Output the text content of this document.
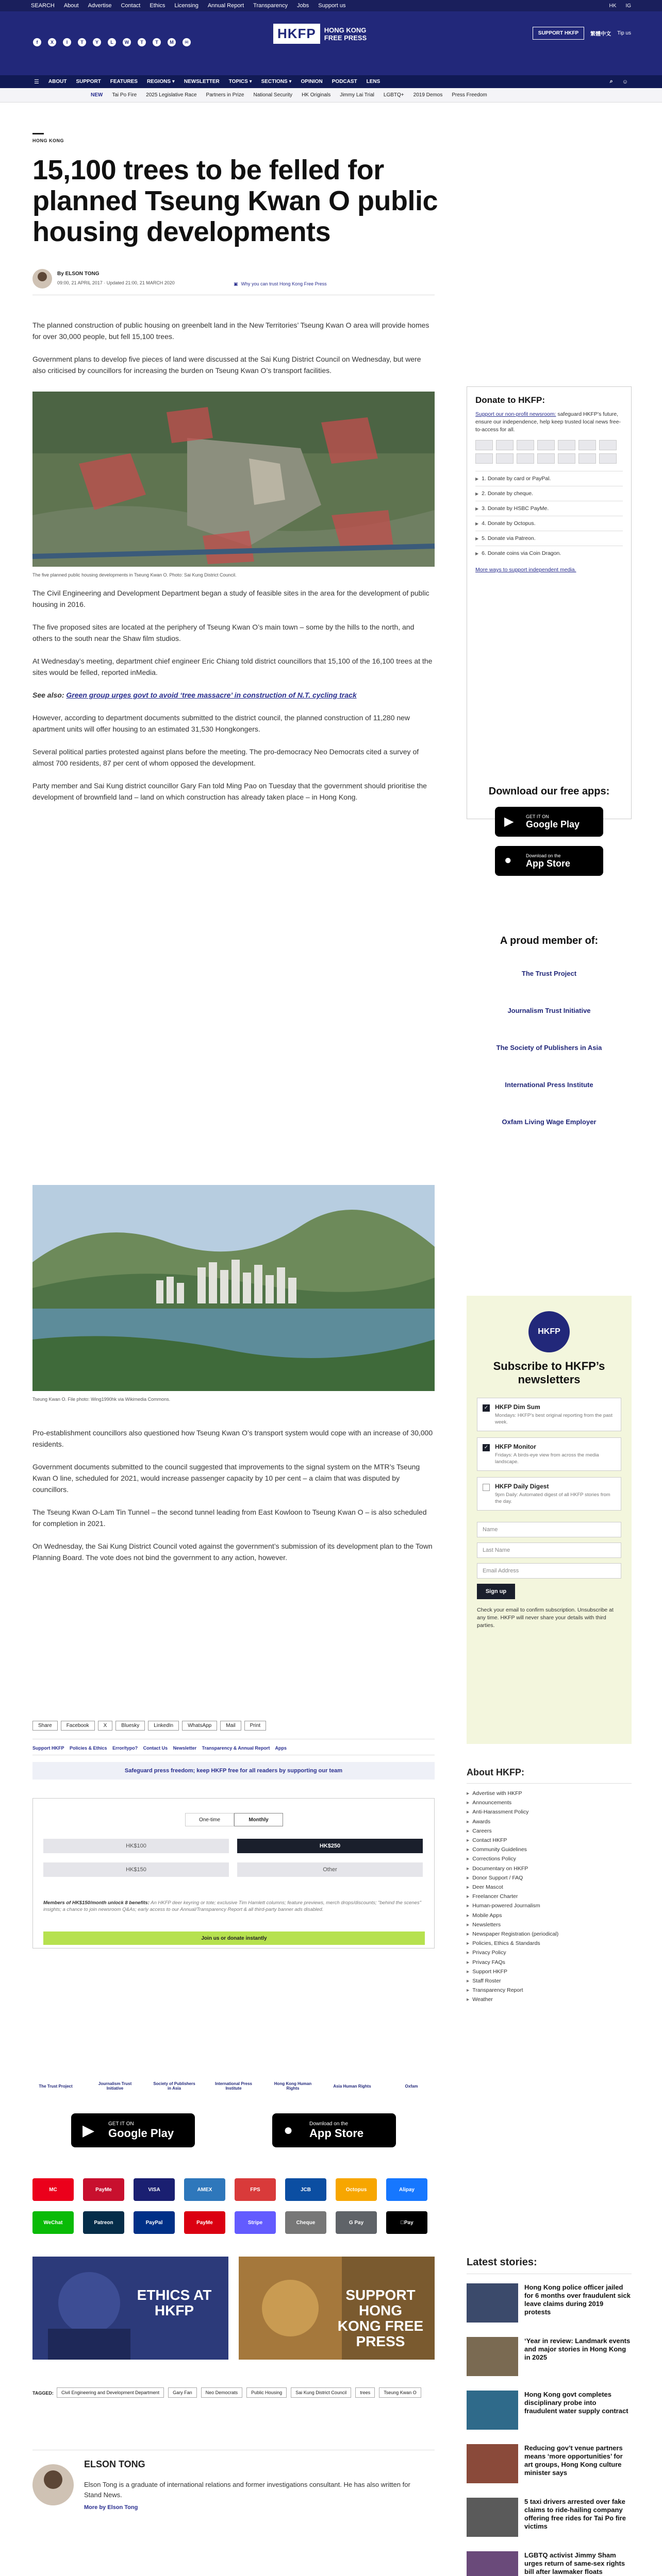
SEARCH About Advertise Contact Ethics Licensing Annual Report Transparency Jobs Support us	HK IG
f	X	I	T	Y	L	W	T	T	M	✉
HKFP	HONG KONG
FREE PRESS
SUPPORT HKFP	繁體中文 Tip us
☰ ABOUT SUPPORT FEATURES REGIONS ▾ NEWSLETTER TOPICS ▾ SECTIONS ▾ OPINION PODCAST LENS	⌕ ☺
NEW Tai Po Fire 2025 Legislative Race Partners in Prize National Security HK Originals Jimmy Lai Trial LGBTQ+ 2019 Demos Press Freedom
HONG KONG
15,100 trees to be felled for planned Tseung Kwan O public housing developments
By ELSON TONG
09:00, 21 APRIL 2017 · Updated 21:00, 21 MARCH 2020
▣	Why you can trust Hong Kong Free Press

The planned construction of public housing on greenbelt land in the New Territories’ Tseung Kwan O area will provide homes for over 30,000 people, but fell 15,100 trees.

Government plans to develop five pieces of land were discussed at the Sai Kung District Council on Wednesday, but were also criticised by councillors for increasing the burden on Tseung Kwan O’s transport facilities.

The five planned public housing developments in Tseung Kwan O. Photo: Sai Kung District Council.

The Civil Engineering and Development Department began a study of feasible sites in the area for the development of public housing in 2016.

The five proposed sites are located at the periphery of Tseung Kwan O’s main town – some by the hills to the north, and others to the south near the Shaw film studios.

At Wednesday’s meeting, department chief engineer Eric Chiang told district councillors that 15,100 of the 16,100 trees at the sites would be felled, reported inMedia.

See also: Green group urges govt to avoid ‘tree massacre’ in construction of N.T. cycling track

However, according to department documents submitted to the district council, the planned construction of 11,280 new apartment units will offer housing to an estimated 31,530 Hongkongers.

Several political parties protested against plans before the meeting. The pro-democracy Neo Democrats cited a survey of almost 700 residents, 87 per cent of whom opposed the development.

Party member and Sai Kung district councillor Gary Fan told Ming Pao on Tuesday that the government should prioritise the development of brownfield land – land on which construction has already taken place – in Hong Kong.

Tseung Kwan O. File photo: Wing1990hk via Wikimedia Commons.

Pro-establishment councillors also questioned how Tseung Kwan O’s transport system would cope with an increase of 30,000 residents.

Government documents submitted to the council suggested that improvements to the signal system on the MTR’s Tseung Kwan O line, scheduled for 2021, would increase passenger capacity by 10 per cent – a claim that was disputed by councillors.

The Tseung Kwan O-Lam Tin Tunnel – the second tunnel leading from East Kowloon to Tseung Kwan O – is also scheduled for completion in 2021.

On Wednesday, the Sai Kung District Council voted against the government’s submission of its development plan to the Town Planning Board. The vote does not bind the government to any action, however.

Share	Facebook	X	Bluesky	LinkedIn	WhatsApp	Mail	Print
Support HKFP Policies & Ethics Error/typo? Contact Us Newsletter Transparency & Annual Report Apps
Safeguard press freedom; keep HKFP free for all readers by supporting our team
One-time	Monthly
HK$100	HK$250
HK$150	Other
Members of HK$150/month unlock 8 benefits: An HKFP deer keyring or tote; exclusive Tim Hamlett columns; feature previews, merch drops/discounts; "behind the scenes" insights; a chance to join newsroom Q&As; early access to our Annual/Transparency Report & all third-party banner ads disabled.
Join us or donate instantly
The Trust Project	Journalism Trust Initiative
Society of Publishers in Asia
International Press Institute
Hong Kong Human Rights	Asia Human Rights	Oxfam
▶	GET IT ON
Google Play	●	Download on the
App Store
MC	PayMe	VISA	AMEX	FPS	JCB	Octopus	Alipay
WeChat	Patreon	PayPal	PayMe	Stripe	Cheque	G Pay	Pay
ETHICS AT HKFP
SUPPORT HONG KONG FREE PRESS
TAGGED:	Civil Engineering and Development Department	Gary Fan	Neo Democrats	Public Housing	Sai Kung District Council	trees	Tseung Kwan O
ELSON TONG
Elson Tong is a graduate of international relations and former investigations consultant. He has also written for Stand News.
More by Elson Tong
Donate to HKFP:

Support our non-profit newsroom: safeguard HKFP’s future, ensure our independence, help keep trusted local news free-to-access for all.

▶ 1. Donate by card or PayPal.
▶ 2. Donate by cheque.
▶ 3. Donate by HSBC PayMe.
▶ 4. Donate by Octopus.
▶ 5. Donate via Patreon.
▶ 6. Donate coins via Coin Dragon.
More ways to support independent media.
Download our free apps:
▶	GET IT ON
Google Play
●	Download on the
App Store
A proud member of:
The Trust Project
Journalism Trust Initiative
The Society of Publishers in Asia
International Press Institute
Oxfam Living Wage Employer
HKFP
Subscribe to HKFP’s newsletters
✓ HKFP Dim Sum
Mondays: HKFP’s best original reporting from the past week.
✓ HKFP Monitor
Fridays: A birds-eye view from across the media landscape.
HKFP Daily Digest
9pm Daily: Automated digest of all HKFP stories from the day.
Name
Last Name
Email Address
Sign up
Check your email to confirm subscription. Unsubscribe at any time. HKFP will never share your details with third parties.
About HKFP:
▸ Advertise with HKFP
▸ Announcements
▸ Anti-Harassment Policy
▸ Awards
▸ Careers
▸ Contact HKFP
▸ Community Guidelines
▸ Corrections Policy
▸ Documentary on HKFP
▸ Donor Support / FAQ
▸ Deer Mascot
▸ Freelancer Charter
▸ Human-powered Journalism
▸ Mobile Apps
▸ Newsletters
▸ Newspaper Registration (periodical)
▸ Policies, Ethics & Standards
▸ Privacy Policy
▸ Privacy FAQs
▸ Support HKFP
▸ Staff Roster
▸ Transparency Report
▸ Weather
Latest stories:
Hong Kong police officer jailed for 6 months over fraudulent sick leave claims during 2019 protests
‘Year in review: Landmark events and major stories in Hong Kong in 2025
Hong Kong govt completes disciplinary probe into fraudulent water supply contract
Reducing gov’t venue partners means ‘more opportunities’ for art groups, Hong Kong culture minister says
5 taxi drivers arrested over fake claims to ride-hailing company offering free rides for Tai Po fire victims
LGBTQ activist Jimmy Sham urges return of same-sex rights bill after lawmaker floats
